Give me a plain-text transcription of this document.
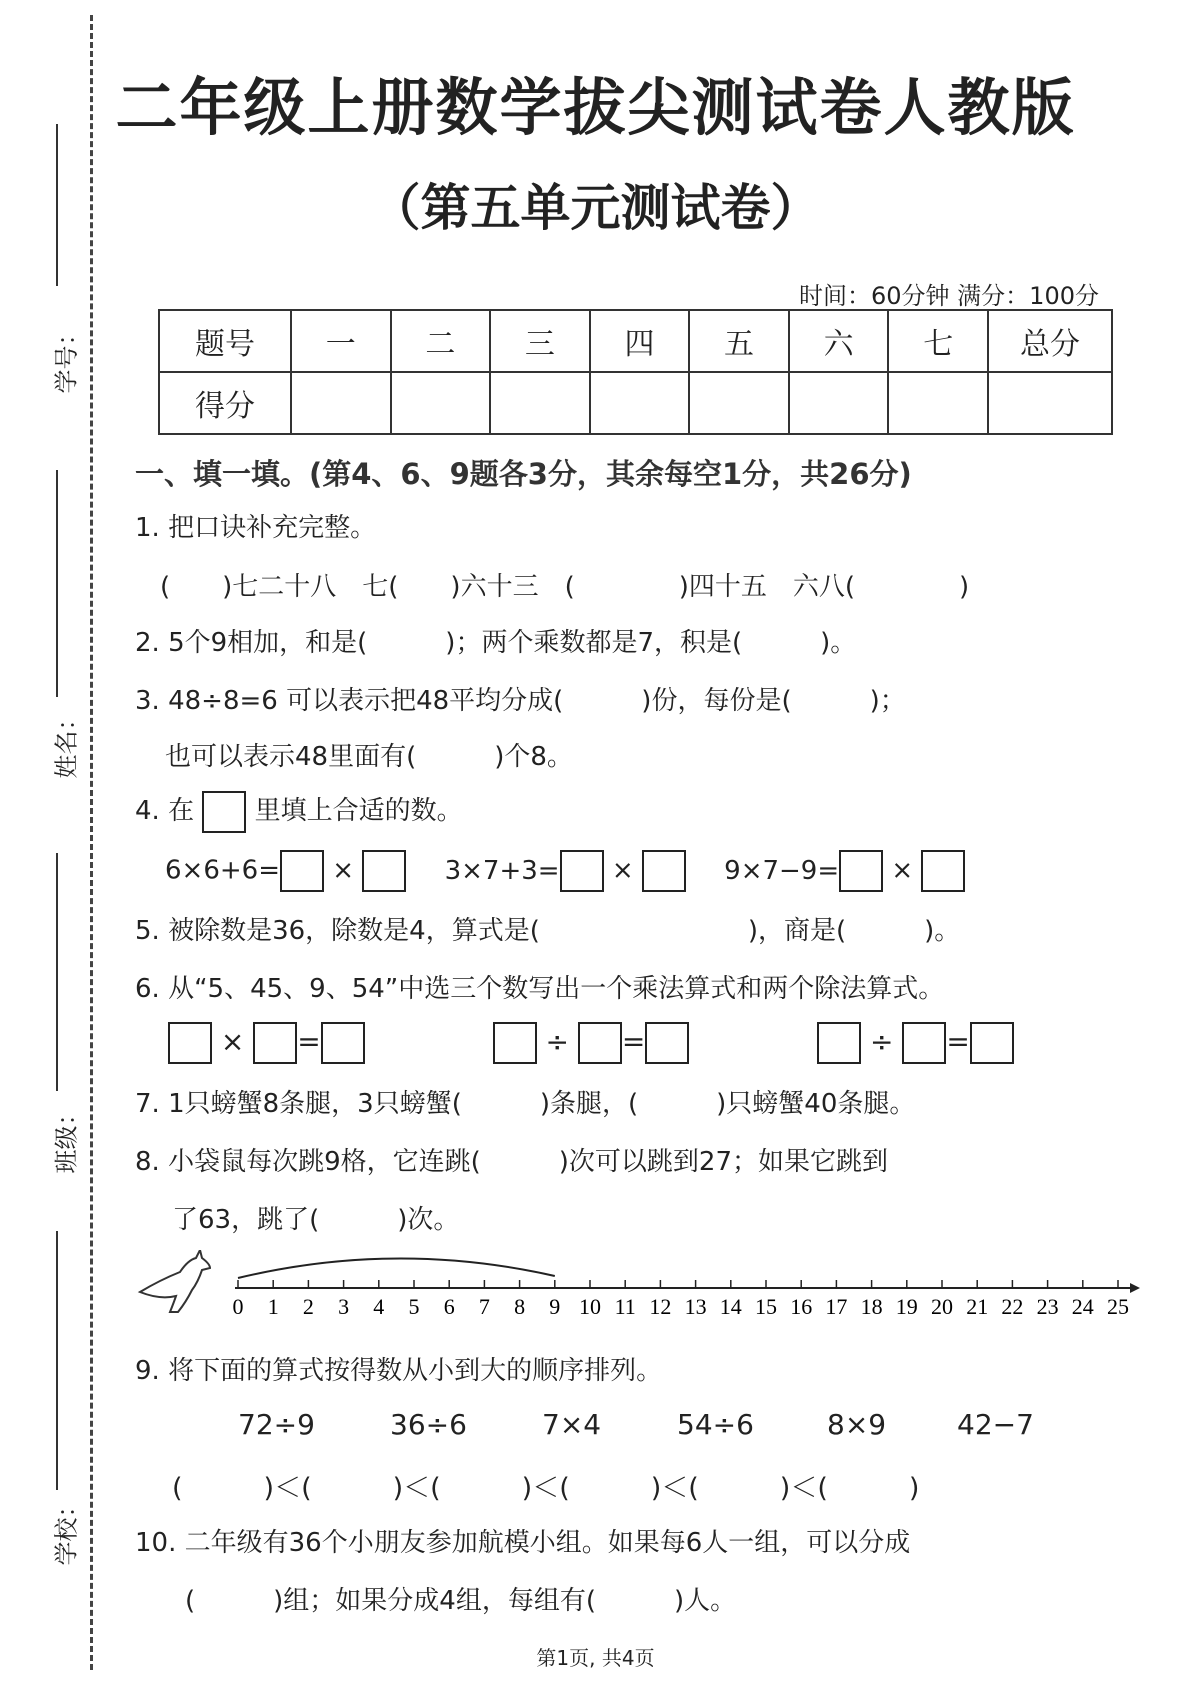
学号：
姓名：
班级：
学校：
二年级上册数学拔尖测试卷人教版
（第五单元测试卷）
时间：60分钟 满分：100分
题号	一	二	三	四	五	六	七	总分
得分								
一、填一填。(第4、6、9题各3分，其余每空1分，共26分)
1. 把口诀补充完整。
(　　)七二十八　七(　　)六十三　(　　　　)四十五　六八(　　　　)
2. 5个9相加，和是(　　　)；两个乘数都是7，积是(　　　)。
3. 48÷8=6 可以表示把48平均分成(　　　)份，每份是(　　　)；
也可以表示48里面有(　　　)个8。
4. 在 里填上合适的数。
6×6+6= ×	3×7+3= ×	9×7−9= ×
5. 被除数是36，除数是4，算式是(　　　　　　　　)，商是(　　　)。
6. 从“5、45、9、54”中选三个数写出一个乘法算式和两个除法算式。
× =	÷ =	÷ =
7. 1只螃蟹8条腿，3只螃蟹(　　　)条腿，(　　　)只螃蟹40条腿。
8. 小袋鼠每次跳9格，它连跳(　　　)次可以跳到27；如果它跳到
了63，跳了(　　　)次。
0 1 2 3 4 5 6 7 8 9 10 11 12 13 14 15 16 17 18 19 20 21 22 23 24 25
9. 将下面的算式按得数从小到大的顺序排列。
72÷9	36÷6	7×4	54÷6	8×9	42−7
(　　　)＜(　　　)＜(　　　)＜(　　　)＜(　　　)＜(　　　)
10. 二年级有36个小朋友参加航模小组。如果每6人一组，可以分成
(　　　)组；如果分成4组，每组有(　　　)人。
第1页, 共4页
